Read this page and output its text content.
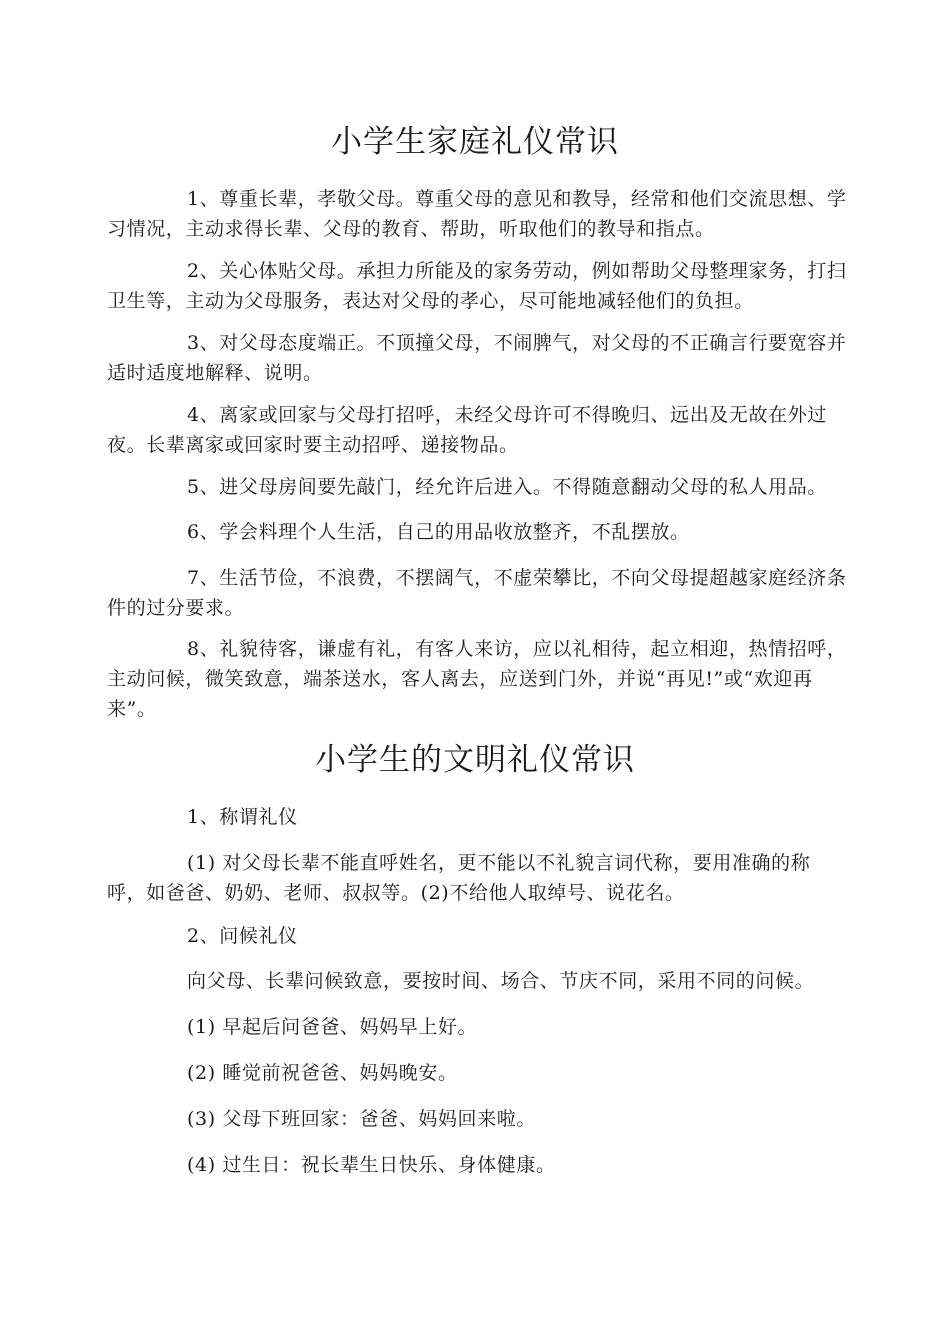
小学生家庭礼仪常识

1、尊重长辈，孝敬父母。尊重父母的意见和教导，经常和他们交流思想、学习情况，主动求得长辈、父母的教育、帮助，听取他们的教导和指点。

2、关心体贴父母。承担力所能及的家务劳动，例如帮助父母整理家务，打扫卫生等，主动为父母服务，表达对父母的孝心，尽可能地减轻他们的负担。

3、对父母态度端正。不顶撞父母，不闹脾气，对父母的不正确言行要宽容并适时适度地解释、说明。

4、离家或回家与父母打招呼，未经父母许可不得晚归、远出及无故在外过夜。长辈离家或回家时要主动招呼、递接物品。

5、进父母房间要先敲门，经允许后进入。不得随意翻动父母的私人用品。

6、学会料理个人生活，自己的用品收放整齐，不乱摆放。

7、生活节俭，不浪费，不摆阔气，不虚荣攀比，不向父母提超越家庭经济条件的过分要求。

8、礼貌待客，谦虚有礼，有客人来访，应以礼相待，起立相迎，热情招呼，主动问候，微笑致意，端茶送水，客人离去，应送到门外，并说“再见!”或“欢迎再来”。

小学生的文明礼仪常识

1、称谓礼仪

(1) 对父母长辈不能直呼姓名，更不能以不礼貌言词代称，要用准确的称呼，如爸爸、奶奶、老师、叔叔等。(2)不给他人取绰号、说花名。

2、问候礼仪

向父母、长辈问候致意，要按时间、场合、节庆不同，采用不同的问候。

(1) 早起后问爸爸、妈妈早上好。

(2) 睡觉前祝爸爸、妈妈晚安。

(3) 父母下班回家：爸爸、妈妈回来啦。

(4) 过生日：祝长辈生日快乐、身体健康。
